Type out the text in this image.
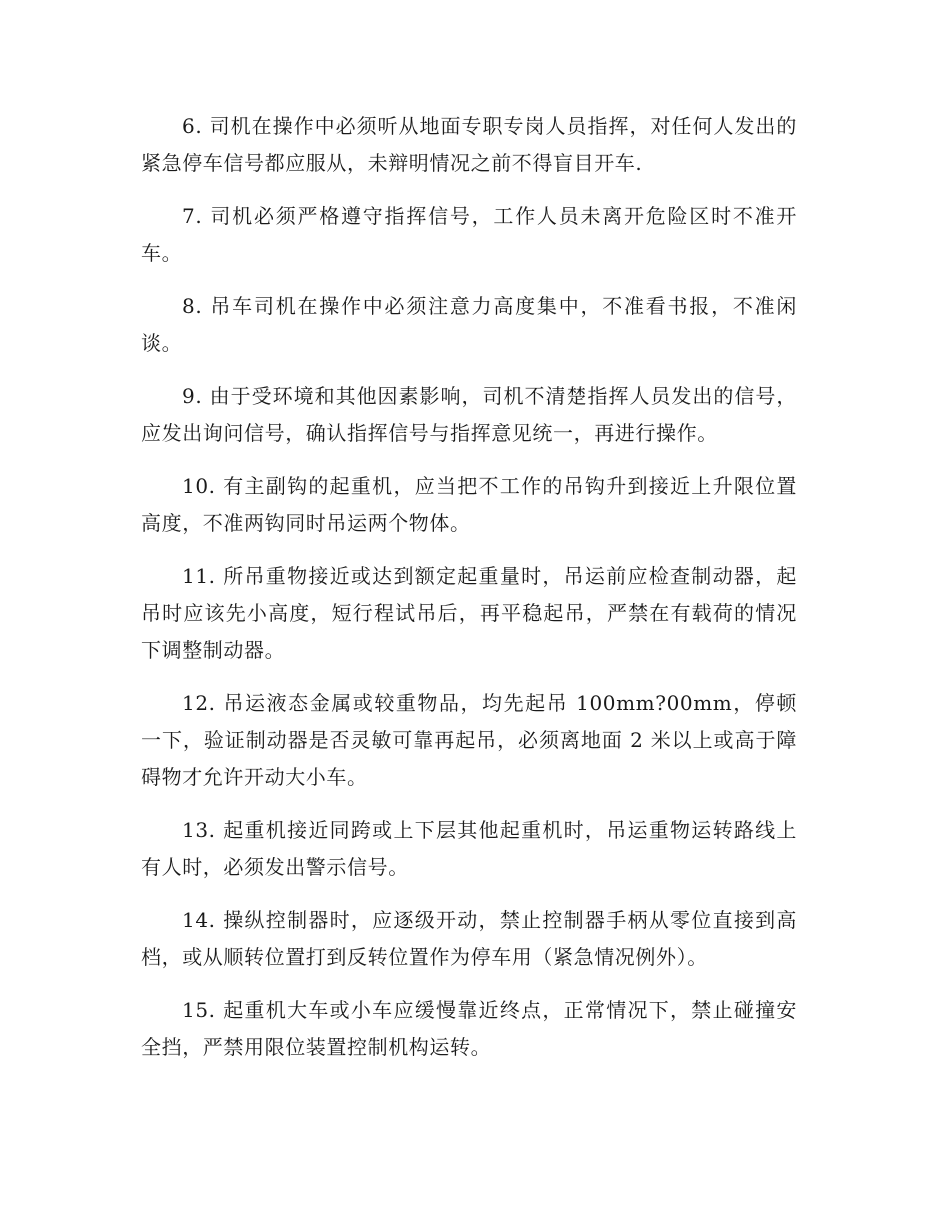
6. 司机在操作中必须听从地面专职专岗人员指挥，对任何人发出的紧急停车信号都应服从，未辩明情况之前不得盲目开车.

7. 司机必须严格遵守指挥信号，工作人员未离开危险区时不准开车。

8. 吊车司机在操作中必须注意力高度集中，不准看书报，不准闲谈。

9. 由于受环境和其他因素影响，司机不清楚指挥人员发出的信号，应发出询问信号，确认指挥信号与指挥意见统一，再进行操作。

10. 有主副钩的起重机，应当把不工作的吊钩升到接近上升限位置高度，不准两钩同时吊运两个物体。

11. 所吊重物接近或达到额定起重量时，吊运前应检查制动器，起吊时应该先小高度，短行程试吊后，再平稳起吊，严禁在有载荷的情况下调整制动器。

12. 吊运液态金属或较重物品，均先起吊 100mm?00mm，停顿一下，验证制动器是否灵敏可靠再起吊，必须离地面 2 米以上或高于障碍物才允许开动大小车。

13. 起重机接近同跨或上下层其他起重机时，吊运重物运转路线上有人时，必须发出警示信号。

14. 操纵控制器时，应逐级开动，禁止控制器手柄从零位直接到高档，或从顺转位置打到反转位置作为停车用（紧急情况例外）。

15. 起重机大车或小车应缓慢靠近终点，正常情况下，禁止碰撞安全挡，严禁用限位装置控制机构运转。
